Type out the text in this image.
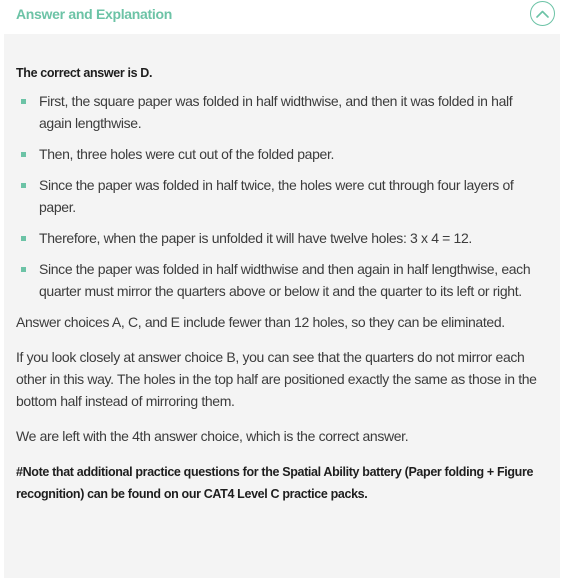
Answer and Explanation

The correct answer is D.

First, the square paper was folded in half widthwise, and then it was folded in half again lengthwise.
Then, three holes were cut out of the folded paper.
Since the paper was folded in half twice, the holes were cut through four layers of paper.
Therefore, when the paper is unfolded it will have twelve holes: 3 x 4 = 12.
Since the paper was folded in half widthwise and then again in half lengthwise, each quarter must mirror the quarters above or below it and the quarter to its left or right.

Answer choices A, C, and E include fewer than 12 holes, so they can be eliminated.

If you look closely at answer choice B, you can see that the quarters do not mirror each other in this way. The holes in the top half are positioned exactly the same as those in the bottom half instead of mirroring them.

We are left with the 4th answer choice, which is the correct answer.

#Note that additional practice questions for the Spatial Ability battery (Paper folding + Figure recognition) can be found on our CAT4 Level C practice packs.
